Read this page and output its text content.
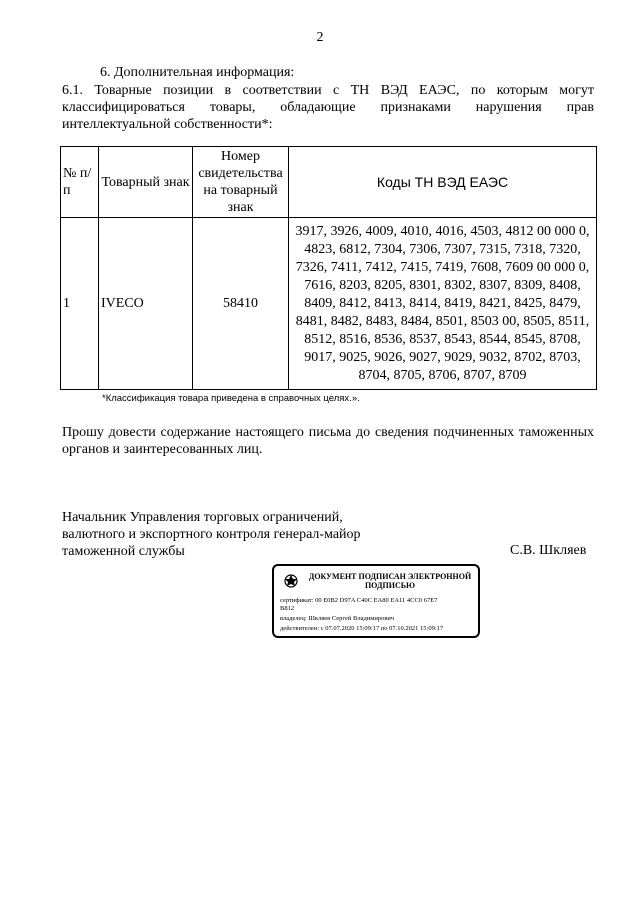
2
6. Дополнительная информация:
6.1. Товарные позиции в соответствии с ТН ВЭД ЕАЭС, по которым могут классифицироваться товары, обладающие признаками нарушения прав интеллектуальной собственности*:
№ п/п	Товарный знак	Номер свидетельства на товарный знак	Коды ТН ВЭД ЕАЭС
1	IVECO	58410	3917, 3926, 4009, 4010, 4016, 4503, 4812 00 000 0, 4823, 6812, 7304, 7306, 7307, 7315, 7318, 7320, 7326, 7411, 7412, 7415, 7419, 7608, 7609 00 000 0, 7616, 8203, 8205, 8301, 8302, 8307, 8309, 8408, 8409, 8412, 8413, 8414, 8419, 8421, 8425, 8479, 8481, 8482, 8483, 8484, 8501, 8503 00, 8505, 8511, 8512, 8516, 8536, 8537, 8543, 8544, 8545, 8708, 9017, 9025, 9026, 9027, 9029, 9032, 8702, 8703, 8704, 8705, 8706, 8707, 8709
*Классификация товара приведена в справочных целях.».
Прошу довести содержание настоящего письма до сведения подчиненных таможенных органов и заинтересованных лиц.
Начальник Управления торговых ограничений, валютного и экспортного контроля генерал-майор таможенной службы	С.В. Шкляев
ДОКУМЕНТ ПОДПИСАН ЭЛЕКТРОННОЙ ПОДПИСЬЮ
сертификат: 00 E0B2 D97A C40C EA80 EA11 4CC0 67E7
B812
владелец: Шкляев Сергей Владимирович
действителен: с 07.07.2020 15:09:17 по 07.10.2021 15:09:17
